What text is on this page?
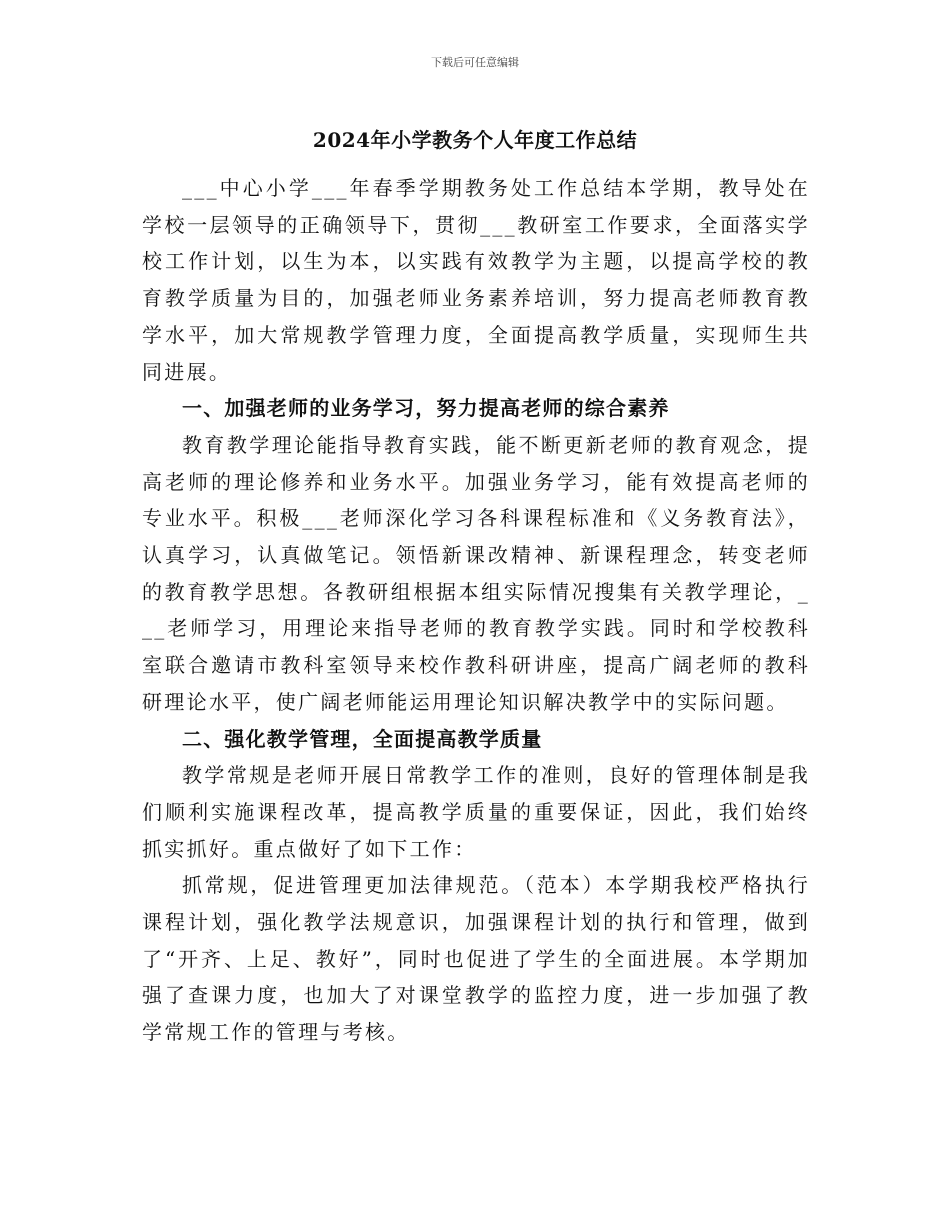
下载后可任意编辑
2024年小学教务个人年度工作总结

___中心小学___年春季学期教务处工作总结本学期，教导处在学校一层领导的正确领导下，贯彻___教研室工作要求，全面落实学校工作计划，以生为本，以实践有效教学为主题，以提高学校的教育教学质量为目的，加强老师业务素养培训，努力提高老师教育教学水平，加大常规教学管理力度，全面提高教学质量，实现师生共同进展。

一、加强老师的业务学习，努力提高老师的综合素养

教育教学理论能指导教育实践，能不断更新老师的教育观念，提高老师的理论修养和业务水平。加强业务学习，能有效提高老师的专业水平。积极___老师深化学习各科课程标准和《义务教育法》，认真学习，认真做笔记。领悟新课改精神、新课程理念，转变老师的教育教学思想。各教研组根据本组实际情况搜集有关教学理论，___老师学习，用理论来指导老师的教育教学实践。同时和学校教科室联合邀请市教科室领导来校作教科研讲座，提高广阔老师的教科研理论水平，使广阔老师能运用理论知识解决教学中的实际问题。

二、强化教学管理，全面提高教学质量

教学常规是老师开展日常教学工作的准则，良好的管理体制是我们顺利实施课程改革，提高教学质量的重要保证，因此，我们始终抓实抓好。重点做好了如下工作：

抓常规，促进管理更加法律规范。（范本）本学期我校严格执行课程计划，强化教学法规意识，加强课程计划的执行和管理，做到了“开齐、上足、教好”，同时也促进了学生的全面进展。本学期加强了查课力度，也加大了对课堂教学的监控力度，进一步加强了教学常规工作的管理与考核。
